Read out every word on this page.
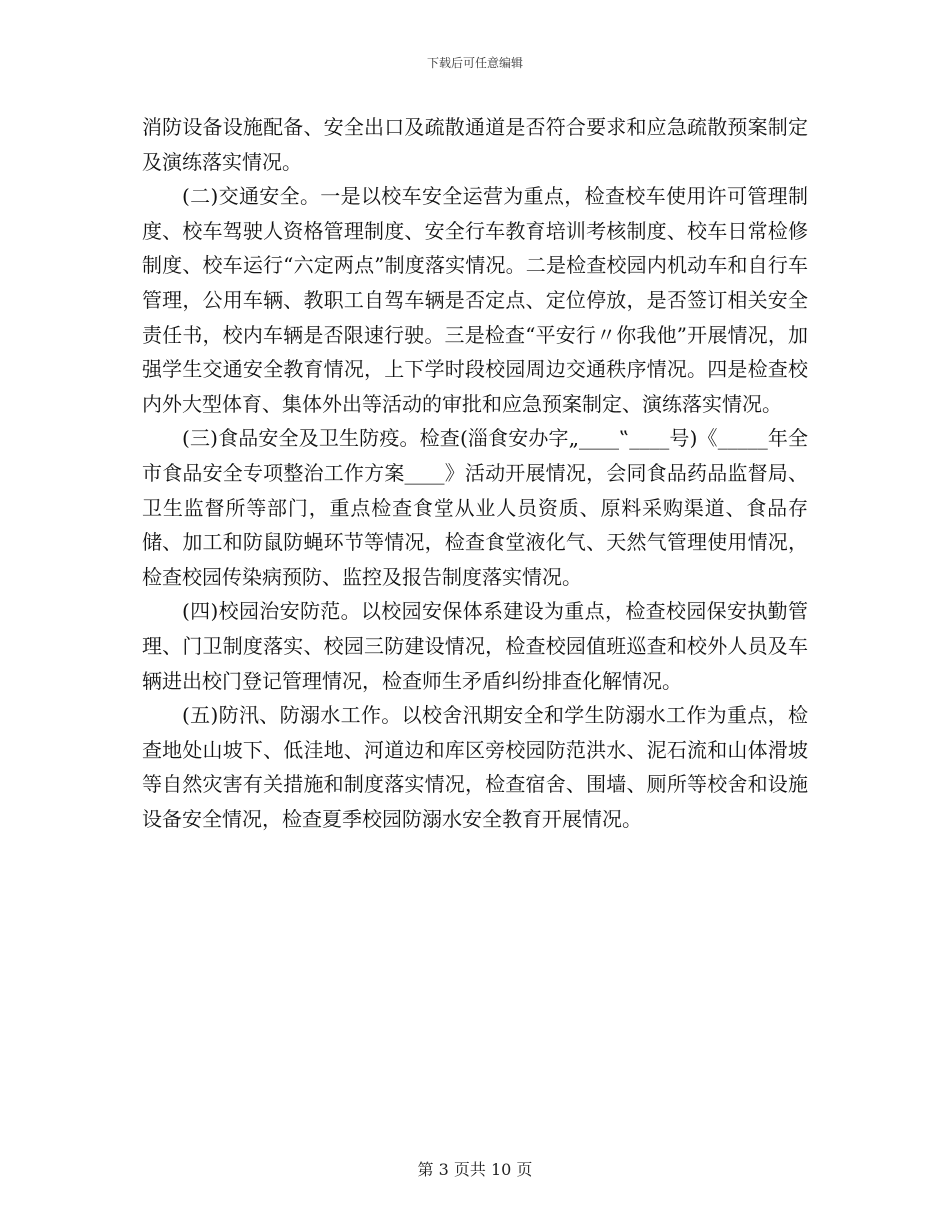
下载后可任意编辑

消防设备设施配备、安全出口及疏散通道是否符合要求和应急疏散预案制定及演练落实情况。

(二)交通安全。一是以校车安全运营为重点，检查校车使用许可管理制度、校车驾驶人资格管理制度、安全行车教育培训考核制度、校车日常检修制度、校车运行“六定两点”制度落实情况。二是检查校园内机动车和自行车管理，公用车辆、教职工自驾车辆是否定点、定位停放，是否签订相关安全责任书，校内车辆是否限速行驶。三是检查“平安行〃你我他”开展情况，加强学生交通安全教育情况，上下学时段校园周边交通秩序情况。四是检查校内外大型体育、集体外出等活动的审批和应急预案制定、演练落实情况。

(三)食品安全及卫生防疫。检查(淄食安办字„____‟____号)《_____年全市食品安全专项整治工作方案____》活动开展情况，会同食品药品监督局、卫生监督所等部门，重点检查食堂从业人员资质、原料采购渠道、食品存储、加工和防鼠防蝇环节等情况，检查食堂液化气、天然气管理使用情况，检查校园传染病预防、监控及报告制度落实情况。

(四)校园治安防范。以校园安保体系建设为重点，检查校园保安执勤管理、门卫制度落实、校园三防建设情况，检查校园值班巡查和校外人员及车辆进出校门登记管理情况，检查师生矛盾纠纷排查化解情况。

(五)防汛、防溺水工作。以校舍汛期安全和学生防溺水工作为重点，检查地处山坡下、低洼地、河道边和库区旁校园防范洪水、泥石流和山体滑坡等自然灾害有关措施和制度落实情况，检查宿舍、围墙、厕所等校舍和设施设备安全情况，检查夏季校园防溺水安全教育开展情况。

第 3 页共 10 页
